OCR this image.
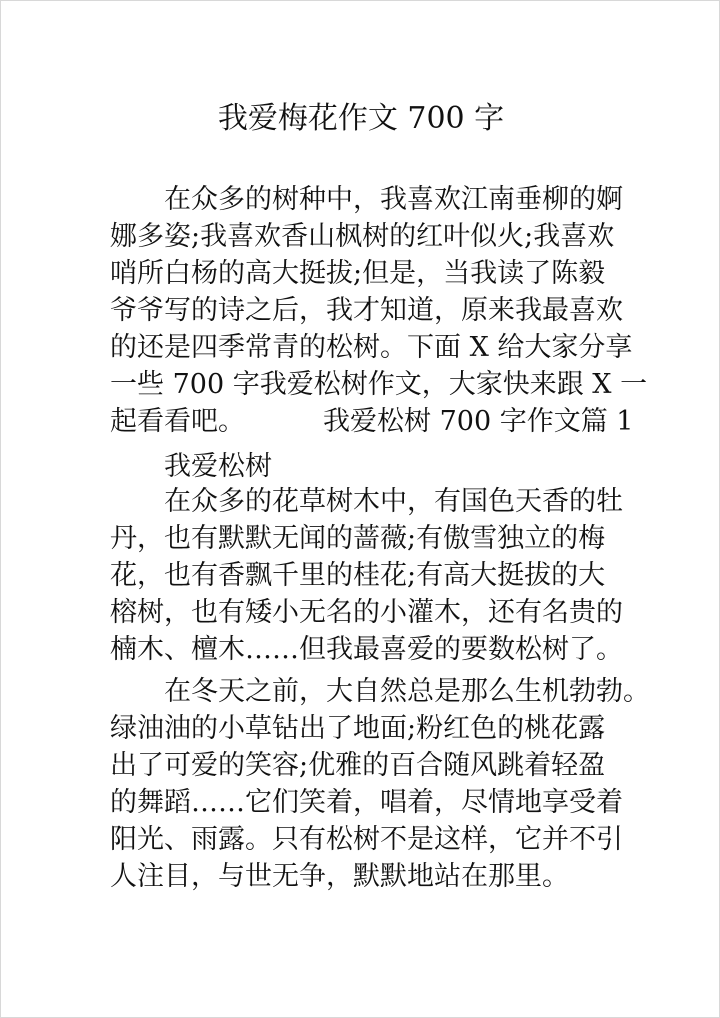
我爱梅花作文 700 字
在众多的树种中，我喜欢江南垂柳的婀
娜多姿;我喜欢香山枫树的红叶似火;我喜欢
哨所白杨的高大挺拔;但是，当我读了陈毅
爷爷写的诗之后，我才知道，原来我最喜欢
的还是四季常青的松树。下面 X 给大家分享
一些 700 字我爱松树作文，大家快来跟 X 一
起看看吧。	我爱松树 700 字作文篇 1
我爱松树
在众多的花草树木中，有国色天香的牡
丹，也有默默无闻的蔷薇;有傲雪独立的梅
花，也有香飘千里的桂花;有高大挺拔的大
榕树，也有矮小无名的小灌木，还有名贵的
楠木、檀木……但我最喜爱的要数松树了。
在冬天之前，大自然总是那么生机勃勃。
绿油油的小草钻出了地面;粉红色的桃花露
出了可爱的笑容;优雅的百合随风跳着轻盈
的舞蹈……它们笑着，唱着，尽情地享受着
阳光、雨露。只有松树不是这样，它并不引
人注目，与世无争，默默地站在那里。
